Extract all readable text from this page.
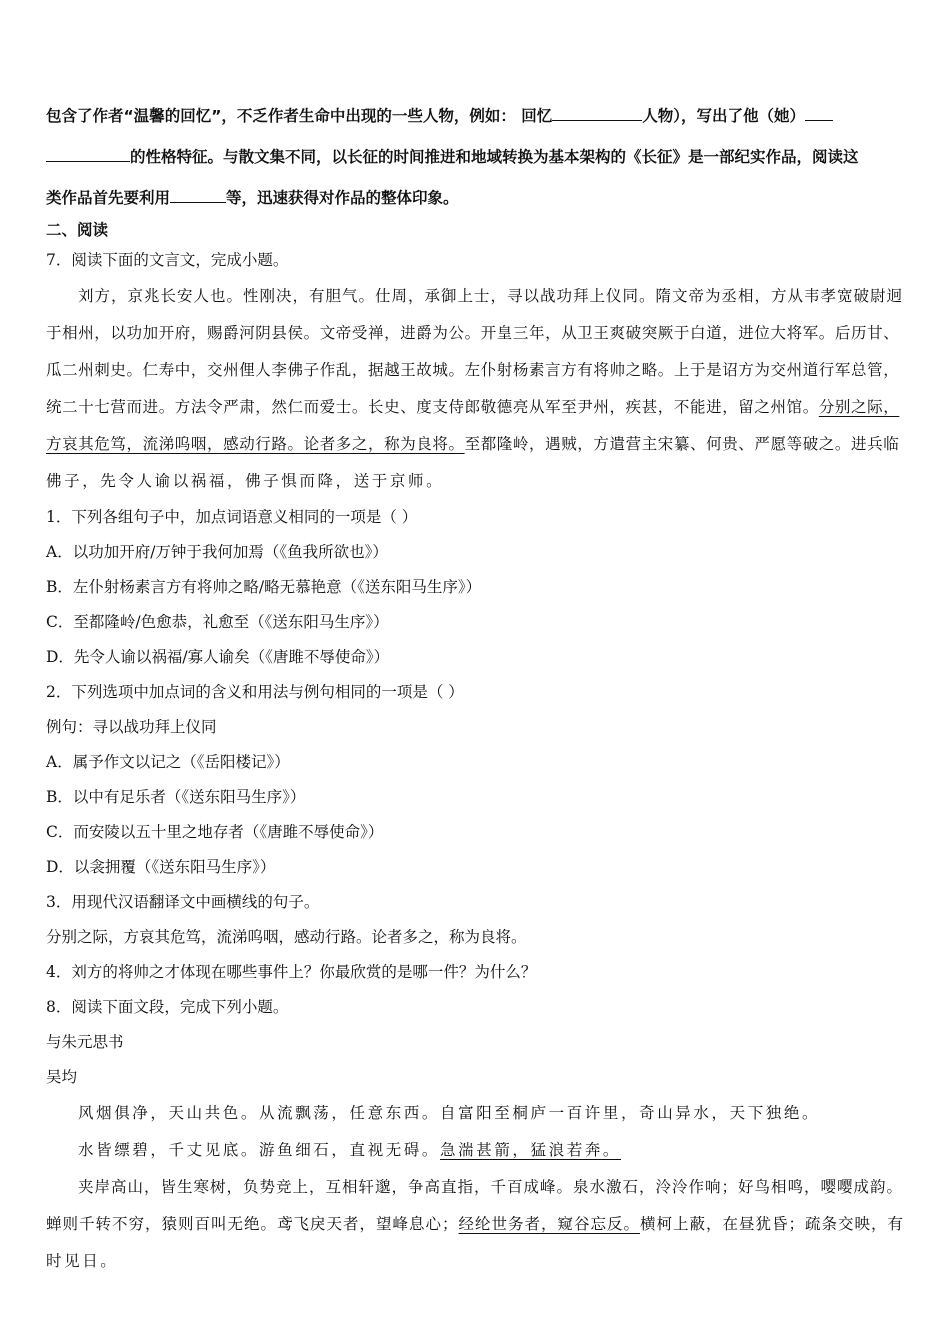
包含了作者“温馨的回忆”，不乏作者生命中出现的一些人物，例如： 回忆	人物），写出了他（她）
的性格特征。与散文集不同，以长征的时间推进和地域转换为基本架构的《长征》是一部纪实作品，阅读这
类作品首先要利用	等，迅速获得对作品的整体印象。
二、阅读
7．阅读下面的文言文，完成小题。
刘方，京兆长安人也。性刚决，有胆气。仕周，承御上士，寻以战功拜上仪同。隋文帝为丞相，方从韦孝宽破尉迥
于相州，以功加开府，赐爵河阴县侯。文帝受禅，进爵为公。开皇三年，从卫王爽破突厥于白道，进位大将军。后历甘、
瓜二州刺史。仁寿中，交州俚人李佛子作乱，据越王故城。左仆射杨素言方有将帅之略。上于是诏方为交州道行军总管，
统二十七营而进。方法令严肃，然仁而爱士。长史、度支侍郎敬德亮从军至尹州，疾甚，不能进，留之州馆。分别之际，
方哀其危笃，流涕呜咽，感动行路。论者多之，称为良将。至都隆岭，遇贼，方遣营主宋纂、何贵、严愿等破之。进兵临
佛子，先令人谕以祸福，佛子惧而降，送于京师。
1．下列各组句子中，加点词语意义相同的一项是（ ）
A．以功加开府/万钟于我何加焉（《鱼我所欲也》）
B．左仆射杨素言方有将帅之略/略无慕艳意（《送东阳马生序》）
C．至都隆岭/色愈恭，礼愈至（《送东阳马生序》）
D．先令人谕以祸福/寡人谕矣（《唐雎不辱使命》）
2．下列选项中加点词的含义和用法与例句相同的一项是（ ）
例句：寻以战功拜上仪同
A．属予作文以记之（《岳阳楼记》）
B．以中有足乐者（《送东阳马生序》）
C．而安陵以五十里之地存者（《唐雎不辱使命》）
D．以衾拥覆（《送东阳马生序》）
3．用现代汉语翻译文中画横线的句子。
分别之际，方哀其危笃，流涕呜咽，感动行路。论者多之，称为良将。
4．刘方的将帅之才体现在哪些事件上？你最欣赏的是哪一件？为什么？
8．阅读下面文段，完成下列小题。
与朱元思书
吴均
风烟俱净，天山共色。从流飘荡，任意东西。自富阳至桐庐一百许里，奇山异水，天下独绝。
水皆缥碧，千丈见底。游鱼细石，直视无碍。急湍甚箭，猛浪若奔。
夹岸高山，皆生寒树，负势竞上，互相轩邈，争高直指，千百成峰。泉水激石，泠泠作响；好鸟相鸣，嘤嘤成韵。
蝉则千转不穷，猿则百叫无绝。鸢飞戾天者，望峰息心；经纶世务者，窥谷忘反。横柯上蔽，在昼犹昏；疏条交映，有
时见日。
